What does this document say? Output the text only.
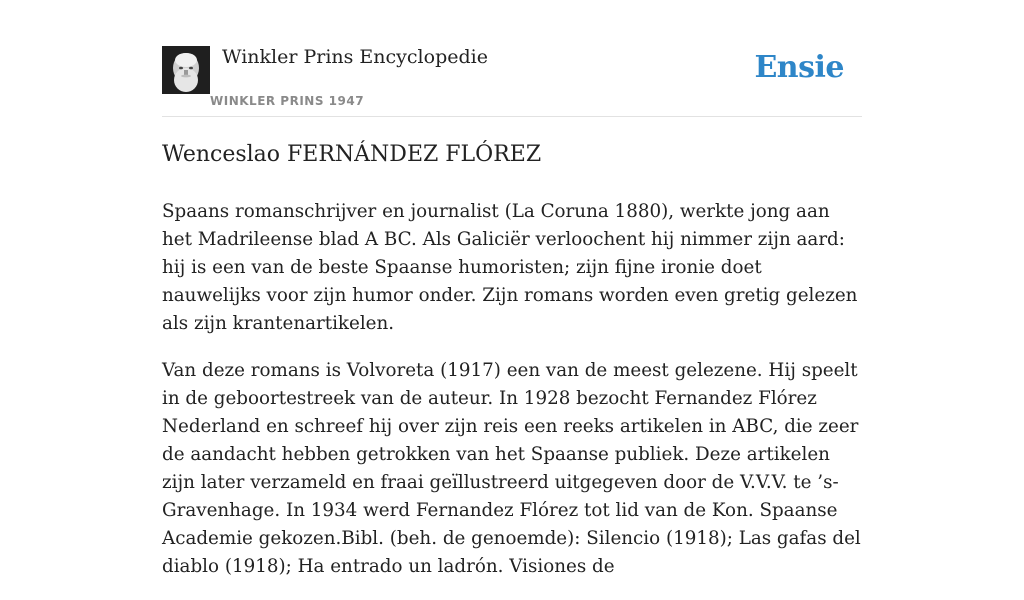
Winkler Prins Encyclopedie
WINKLER PRINS 1947
Ensie
Wenceslao FERNÁNDEZ FLÓREZ

Spaans romanschrijver en journalist (La Coruna 1880), werkte jong aan het Madrileense blad A BC. Als Galiciër verloochent hij nimmer zijn aard: hij is een van de beste Spaanse humoristen; zijn fijne ironie doet nauwelijks voor zijn humor onder. Zijn romans worden even gretig gelezen als zijn krantenartikelen.

Van deze romans is Volvoreta (1917) een van de meest gelezene. Hij speelt in de geboortestreek van de auteur. In 1928 bezocht Fernandez Flórez Nederland en schreef hij over zijn reis een reeks artikelen in ABC, die zeer de aandacht hebben getrokken van het Spaanse publiek. Deze artikelen zijn later verzameld en fraai geïllustreerd uitgegeven door de V.V.V. te ’s-Gravenhage. In 1934 werd Fernandez Flórez tot lid van de Kon. Spaanse Academie gekozen.Bibl. (beh. de genoemde): Silencio (1918); Las gafas del diablo (1918); Ha entrado un ladrón. Visiones de
